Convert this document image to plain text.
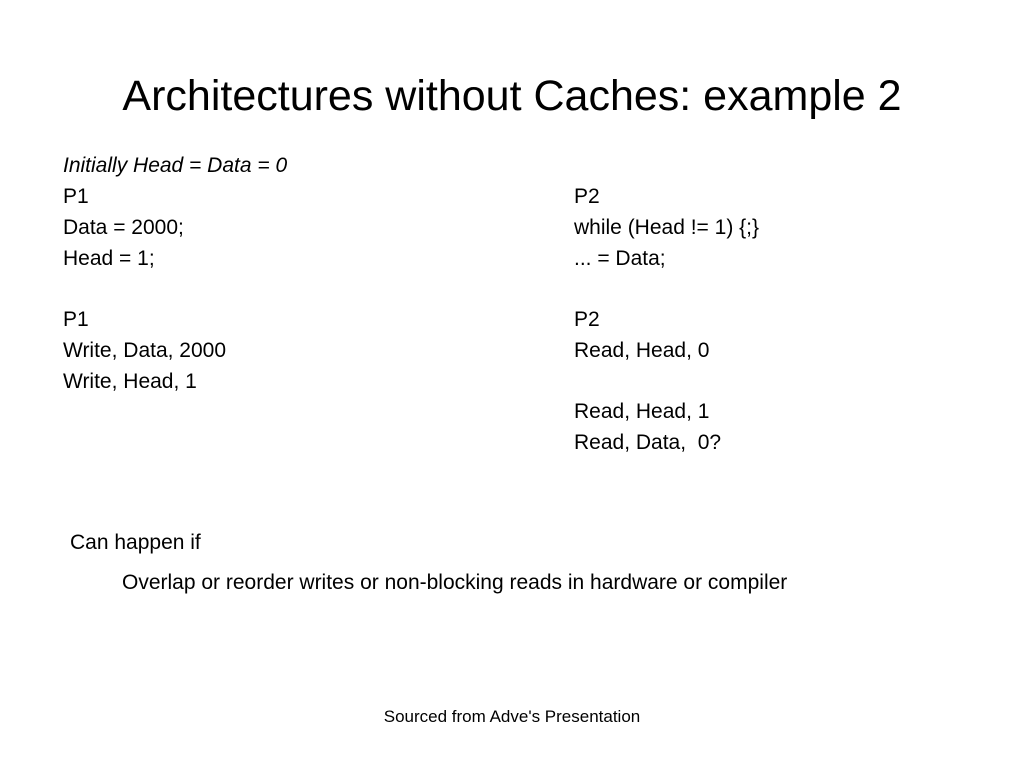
Architectures without Caches: example 2
Initially Head = Data = 0
P1
Data = 2000;
Head = 1;
P2
while (Head != 1) {;}
... = Data;
P1
Write, Data, 2000
Write, Head, 1
P2
Read, Head, 0
Read, Head, 1
Read, Data,  0?
Can happen if
Overlap or reorder writes or non-blocking reads in hardware or compiler
Sourced from Adve's Presentation
